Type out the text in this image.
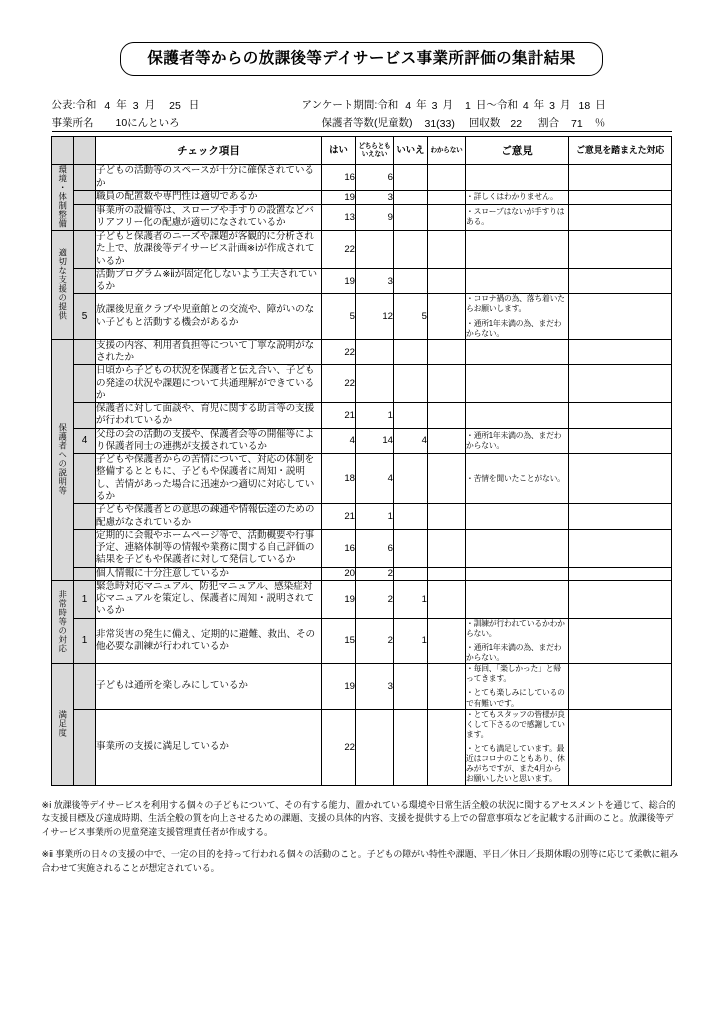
保護者等からの放課後等デイサービス事業所評価の集計結果
公表:令和 4 年 3 月 25 日	アンケート期間:令和 4 年 3 月 1 日 ～令和 4 年 3 月 18 日
事業所名	10にんといろ	保護者等数(児童数) 31(33) 回収数 22 割合 71 ％
		チェック項目	はい	どちらともいえない	いいえ	わからない	ご意見	ご意見を踏まえた対応
環境・体制整備		子どもの活動等のスペースが十分に確保されているか	16	6				
		職員の配置数や専門性は適切であるか	19	3			・詳しくはわかりません。	

		事業所の設備等は、スロープや手すりの設置などバリアフリー化の配慮が適切になされているか	13	9			・スロープはないが手すりはある。	

適切な支援の提供		子どもと保護者のニーズや課題が客観的に分析された上で、放課後等デイサービス計画※ⅰが作成されているか	22					
		活動プログラム※ⅱが固定化しないよう工夫されているか	19	3				
	5	放課後児童クラブや児童館との交流や、障がいのない子どもと活動する機会があるか	5	12	5		・コロナ禍の為、落ち着いたらお願いします。

・通所1年未満の為、まだわからない。	

保護者への説明等		支援の内容、利用者負担等について丁寧な説明がなされたか	22					
		日頃から子どもの状況を保護者と伝え合い、子どもの発達の状況や課題について共通理解ができているか	22					
		保護者に対して面談や、育児に関する助言等の支援が行われているか	21	1				
	4	父母の会の活動の支援や、保護者会等の開催等により保護者同士の連携が支援されているか	4	14	4		・通所1年未満の為、まだわからない。	

		子どもや保護者からの苦情について、対応の体制を整備するとともに、子どもや保護者に周知・説明し、苦情があった場合に迅速かつ適切に対応しているか	18	4			・苦情を聞いたことがない。	

		子どもや保護者との意思の疎通や情報伝達のための配慮がなされているか	21	1				
		定期的に会報やホームページ等で、活動概要や行事予定、連絡体制等の情報や業務に関する自己評価の結果を子どもや保護者に対して発信しているか	16	6				
		個人情報に十分注意しているか	20	2				
非常時等の対応	1	緊急時対応マニュアル、防犯マニュアル、感染症対応マニュアルを策定し、保護者に周知・説明されているか	19	2	1			
	1	非常災害の発生に備え、定期的に避難、救出、その他必要な訓練が行われているか	15	2	1		・訓練が行われているかわからない。

・通所1年未満の為、まだわからない。	

満足度		子どもは通所を楽しみにしているか	19	3			・毎回、「楽しかった」と帰ってきます。

・とても楽しみにしているので有難いです。	

		事業所の支援に満足しているか	22				・とてもスタッフの皆様が良くして下さるので感謝しています。

・とても満足しています。最近はコロナのこともあり、休みがちですが、また4月からお願いしたいと思います。	

※ⅰ 放課後等デイサービスを利用する個々の子どもについて、その有する能力、置かれている環境や日常生活全般の状況に関するアセスメントを通じて、総合的な支援目標及び達成時期、生活全般の質を向上させるための課題、支援の具体的内容、支援を提供する上での留意事項などを記載する計画のこと。放課後等デイサービス事業所の児童発達支援管理責任者が作成する。
※ⅱ 事業所の日々の支援の中で、一定の目的を持って行われる個々の活動のこと。子どもの障がい特性や課題、平日／休日／長期休暇の別等に応じて柔軟に組み合わせて実施されることが想定されている。
